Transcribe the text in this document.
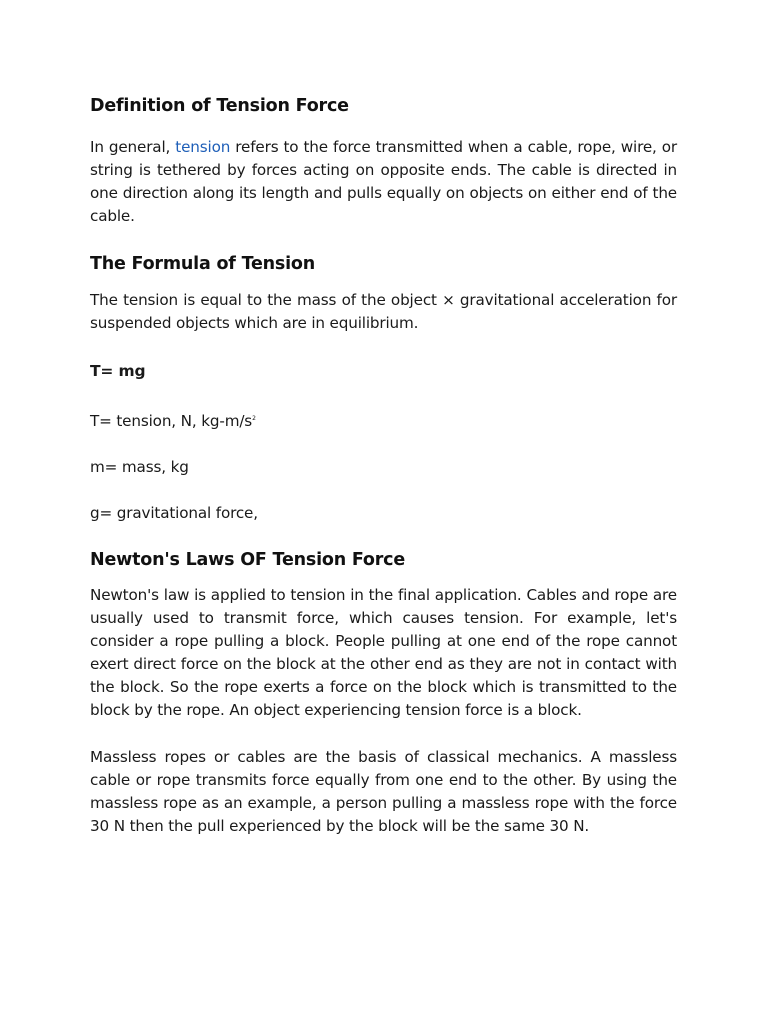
Definition of Tension Force

In general, tension refers to the force transmitted when a cable, rope, wire, or string is tethered by forces acting on opposite ends. The cable is directed in one direction along its length and pulls equally on objects on either end of the cable.

The Formula of Tension

The tension is equal to the mass of the object × gravitational acceleration for suspended objects which are in equilibrium.

T= mg

T= tension, N, $kg-m/s^2$

m= mass, kg

g= gravitational force,

Newton's Laws OF Tension Force

Newton's law is applied to tension in the final application. Cables and rope are usually used to transmit force, which causes tension. For example, let's consider a rope pulling a block. People pulling at one end of the rope cannot exert direct force on the block at the other end as they are not in contact with the block. So the rope exerts a force on the block which is transmitted to the block by the rope. An object experiencing tension force is a block.

Massless ropes or cables are the basis of classical mechanics. A massless cable or rope transmits force equally from one end to the other. By using the massless rope as an example, a person pulling a massless rope with the force 30 N then the pull experienced by the block will be the same 30 N.
